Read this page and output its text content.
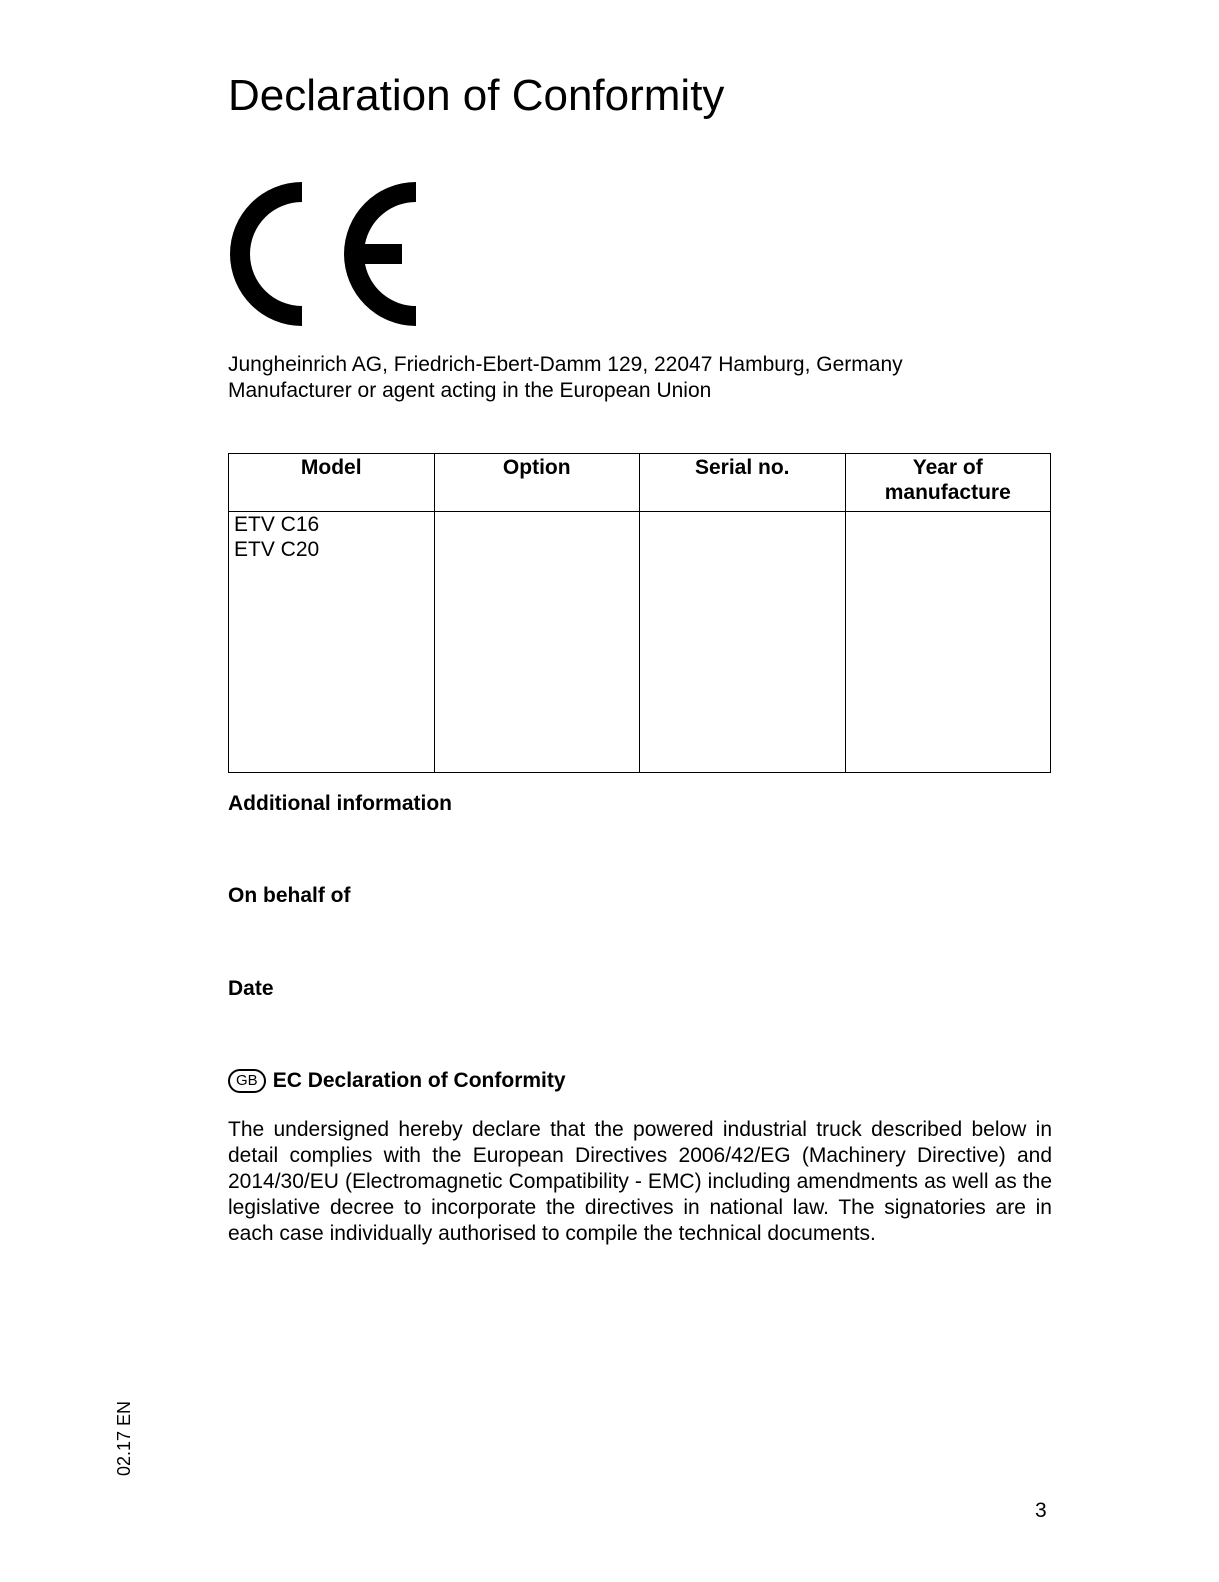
Declaration of Conformity
Jungheinrich AG, Friedrich-Ebert-Damm 129, 22047 Hamburg, Germany
Manufacturer or agent acting in the European Union
Model	Option	Serial no.	Year of manufacture

ETV C16
ETV C20			

Additional information
On behalf of
Date
GB EC Declaration of Conformity
The undersigned hereby declare that the powered industrial truck described below in detail complies with the European Directives 2006/42/EG (Machinery Directive) and 2014/30/EU (Electromagnetic Compatibility - EMC) including amendments as well as the legislative decree to incorporate the directives in national law. The signatories are in each case individually authorised to compile the technical documents.
02.17 EN
3
